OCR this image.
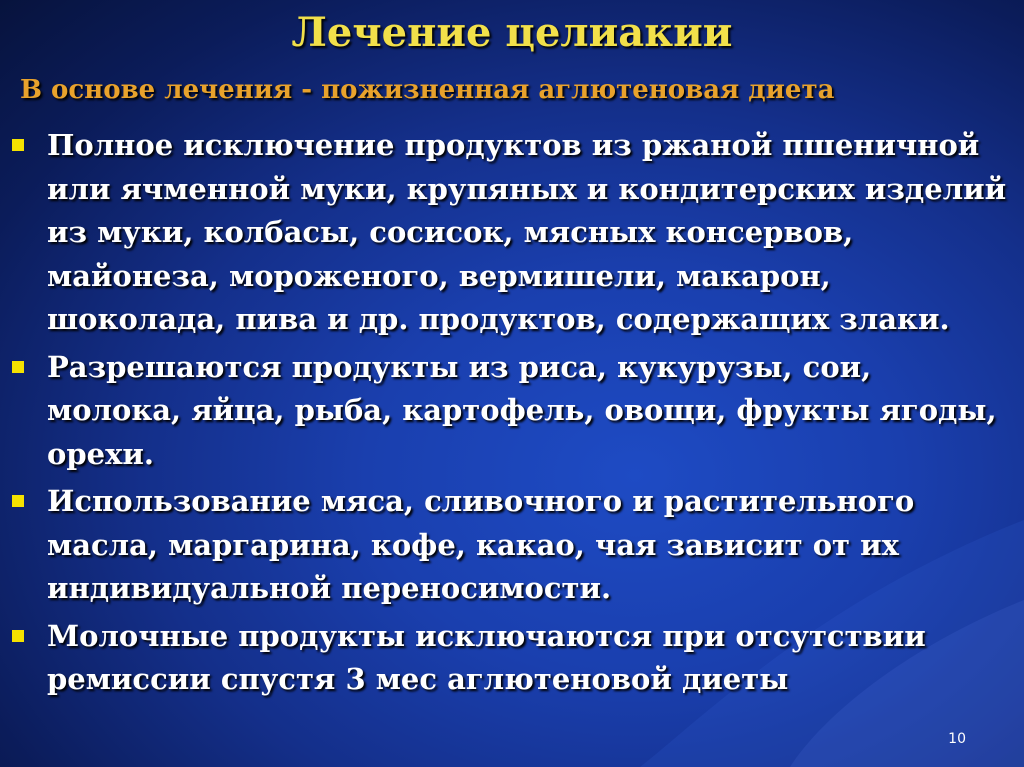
Лечение целиакии
В основе лечения - пожизненная аглютеновая диета
Полное исключение продуктов из ржаной пшеничной или ячменной муки, крупяных и кондитерских изделий из муки, колбасы, сосисок, мясных консервов, майонеза, мороженого, вермишели, макарон, шоколада, пива и др. продуктов, содержащих злаки.
Разрешаются продукты из риса, кукурузы, сои, молока, яйца, рыба, картофель, овощи, фрукты ягоды, орехи.
Использование мяса, сливочного и растительного масла, маргарина, кофе, какао, чая зависит от их индивидуальной переносимости.
Молочные продукты исключаются при отсутствии ремиссии спустя 3 мес аглютеновой диеты
10
